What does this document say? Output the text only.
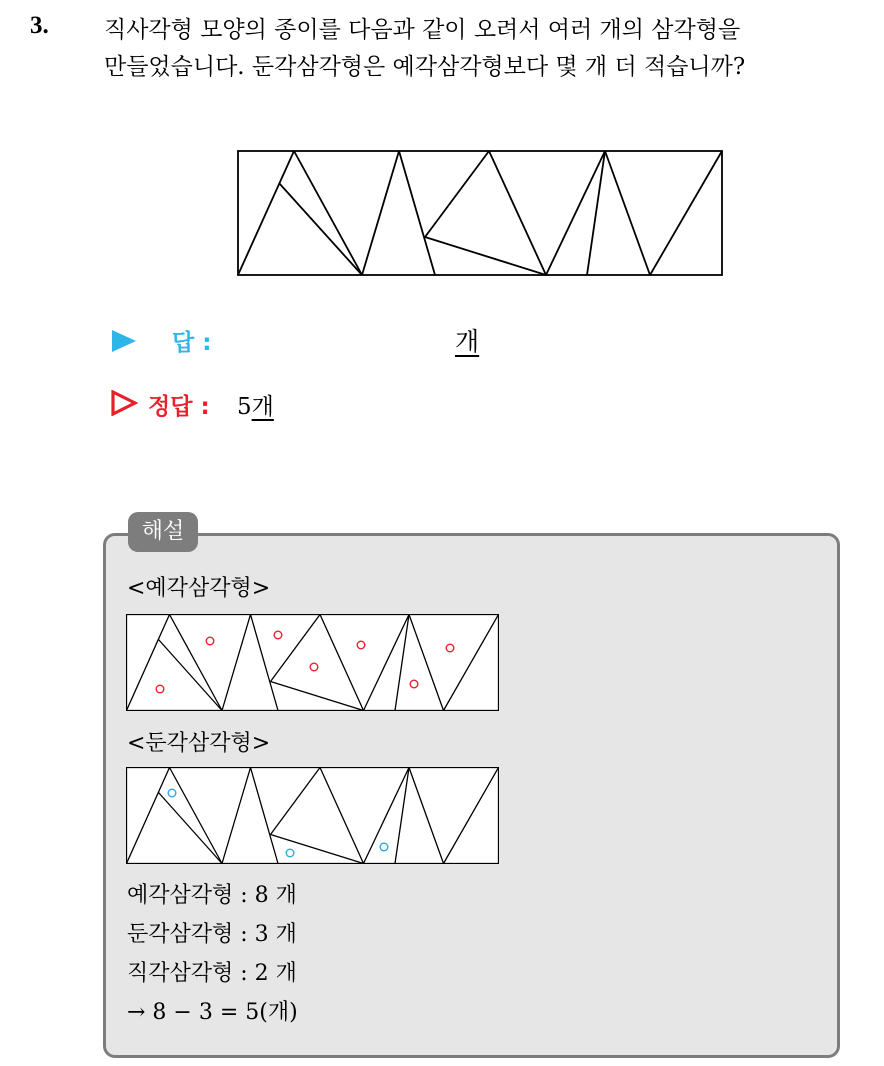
3. 직사각형 모양의 종이를 다음과 같이 오려서 여러 개의 삼각형을
만들었습니다. 둔각삼각형은 예각삼각형보다 몇 개 더 적습니까?
답 :	개
정답 : 5개
해설
<예각삼각형>
<둔각삼각형>
예각삼각형 : 8 개
둔각삼각형 : 3 개
직각삼각형 : 2 개
→ 8 − 3 = 5(개)
